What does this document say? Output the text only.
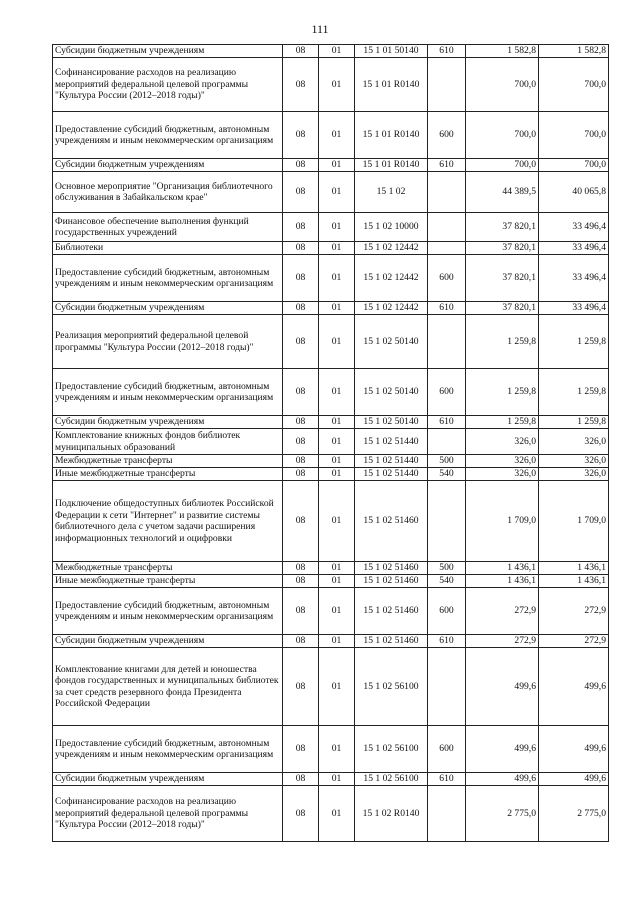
111
Субсидии бюджетным учреждениям	08	01	15 1 01 50140	610	1 582,8	1 582,8
Софинансирование расходов на реализацию мероприятий федеральной целевой программы "Культура России (2012–2018 годы)"	08	01	15 1 01 R0140		700,0	700,0
Предоставление субсидий бюджетным, автономным учреждениям и иным некоммерческим организациям	08	01	15 1 01 R0140	600	700,0	700,0
Субсидии бюджетным учреждениям	08	01	15 1 01 R0140	610	700,0	700,0
Основное мероприятие "Организация библиотечного обслуживания в Забайкальском крае"	08	01	15 1 02		44 389,5	40 065,8
Финансовое обеспечение выполнения функций государственных учреждений	08	01	15 1 02 10000		37 820,1	33 496,4
Библиотеки	08	01	15 1 02 12442		37 820,1	33 496,4
Предоставление субсидий бюджетным, автономным учреждениям и иным некоммерческим организациям	08	01	15 1 02 12442	600	37 820,1	33 496,4
Субсидии бюджетным учреждениям	08	01	15 1 02 12442	610	37 820,1	33 496,4
Реализация мероприятий федеральной целевой программы "Культура России (2012–2018 годы)"	08	01	15 1 02 50140		1 259,8	1 259,8
Предоставление субсидий бюджетным, автономным учреждениям и иным некоммерческим организациям	08	01	15 1 02 50140	600	1 259,8	1 259,8
Субсидии бюджетным учреждениям	08	01	15 1 02 50140	610	1 259,8	1 259,8
Комплектование книжных фондов библиотек муниципальных образований	08	01	15 1 02 51440		326,0	326,0
Межбюджетные трансферты	08	01	15 1 02 51440	500	326,0	326,0
Иные межбюджетные трансферты	08	01	15 1 02 51440	540	326,0	326,0
Подключение общедоступных библиотек Российской Федерации к сети "Интернет" и развитие системы библиотечного дела с учетом задачи расширения информационных технологий и оцифровки	08	01	15 1 02 51460		1 709,0	1 709,0
Межбюджетные трансферты	08	01	15 1 02 51460	500	1 436,1	1 436,1
Иные межбюджетные трансферты	08	01	15 1 02 51460	540	1 436,1	1 436,1
Предоставление субсидий бюджетным, автономным учреждениям и иным некоммерческим организациям	08	01	15 1 02 51460	600	272,9	272,9
Субсидии бюджетным учреждениям	08	01	15 1 02 51460	610	272,9	272,9
Комплектование книгами для детей и юношества фондов государственных и муниципальных библиотек за счет средств резервного фонда Президента Российской Федерации	08	01	15 1 02 56100		499,6	499,6
Предоставление субсидий бюджетным, автономным учреждениям и иным некоммерческим организациям	08	01	15 1 02 56100	600	499,6	499,6
Субсидии бюджетным учреждениям	08	01	15 1 02 56100	610	499,6	499,6
Софинансирование расходов на реализацию мероприятий федеральной целевой программы "Культура России (2012–2018 годы)"	08	01	15 1 02 R0140		2 775,0	2 775,0
